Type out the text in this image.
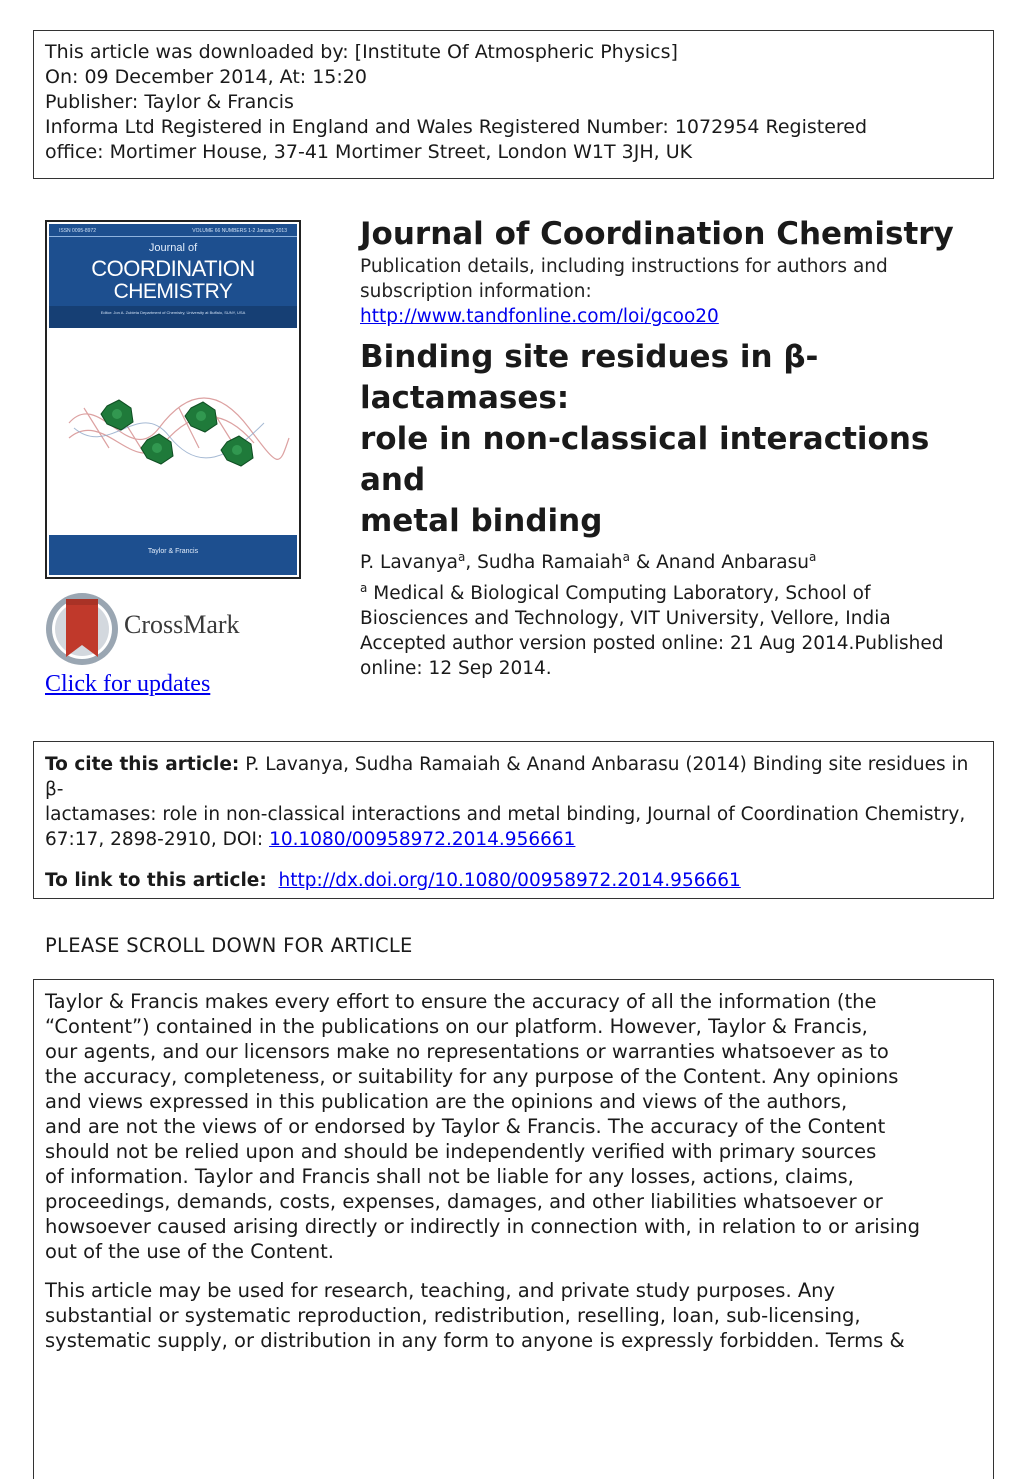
This article was downloaded by: [Institute Of Atmospheric Physics]
On: 09 December 2014, At: 15:20
Publisher: Taylor & Francis
Informa Ltd Registered in England and Wales Registered Number: 1072954 Registered
office: Mortimer House, 37-41 Mortimer Street, London W1T 3JH, UK
ISSN 0095-8972	VOLUME 66 NUMBERS 1-2 January 2013
Journal of
COORDINATION
CHEMISTRY
Editor: Jon A. Zubieta Department of Chemistry, University at Buffalo, SUNY, USA
Taylor & Francis
CrossMark
Click for updates
Journal of Coordination Chemistry
Publication details, including instructions for authors and
subscription information:
http://www.tandfonline.com/loi/gcoo20
Binding site residues in β-lactamases:
role in non-classical interactions and
metal binding
P. Lavanya$^a$, Sudha Ramaiah$^a$ & Anand Anbarasu$^a$
$^a$ Medical & Biological Computing Laboratory, School of
Biosciences and Technology, VIT University, Vellore, India
Accepted author version posted online: 21 Aug 2014.Published
online: 12 Sep 2014.

To cite this article: P. Lavanya, Sudha Ramaiah & Anand Anbarasu (2014) Binding site residues in β-
lactamases: role in non-classical interactions and metal binding, Journal of Coordination Chemistry,
67:17, 2898-2910, DOI: 10.1080/00958972.2014.956661

To link to this article: http://dx.doi.org/10.1080/00958972.2014.956661

PLEASE SCROLL DOWN FOR ARTICLE

Taylor & Francis makes every effort to ensure the accuracy of all the information (the
“Content”) contained in the publications on our platform. However, Taylor & Francis,
our agents, and our licensors make no representations or warranties whatsoever as to
the accuracy, completeness, or suitability for any purpose of the Content. Any opinions
and views expressed in this publication are the opinions and views of the authors,
and are not the views of or endorsed by Taylor & Francis. The accuracy of the Content
should not be relied upon and should be independently verified with primary sources
of information. Taylor and Francis shall not be liable for any losses, actions, claims,
proceedings, demands, costs, expenses, damages, and other liabilities whatsoever or
howsoever caused arising directly or indirectly in connection with, in relation to or arising
out of the use of the Content.

This article may be used for research, teaching, and private study purposes. Any
substantial or systematic reproduction, redistribution, reselling, loan, sub-licensing,
systematic supply, or distribution in any form to anyone is expressly forbidden. Terms &
